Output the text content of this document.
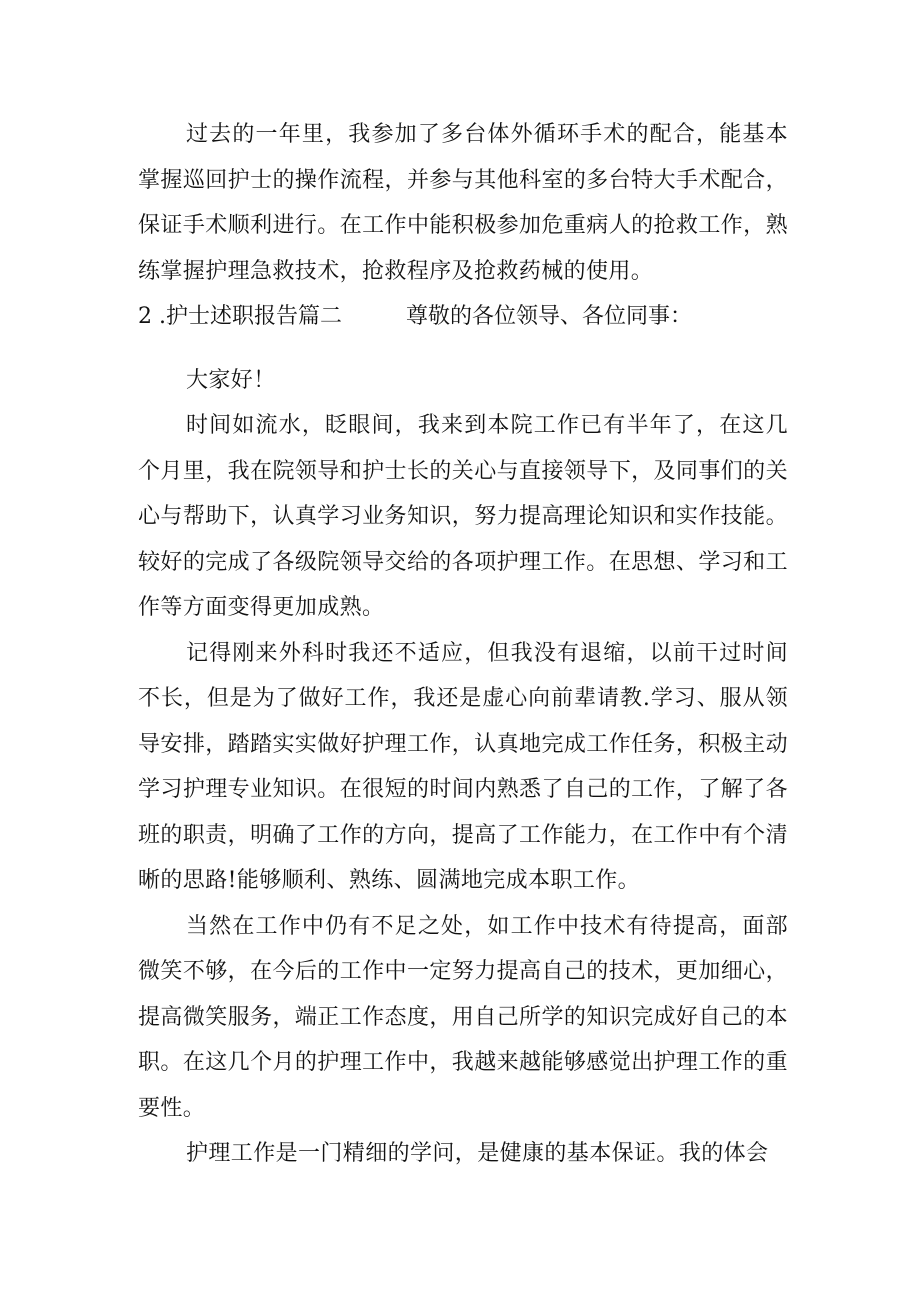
过去的一年里，我参加了多台体外循环手术的配合，能基本掌握巡回护士的操作流程，并参与其他科室的多台特大手术配合，保证手术顺利进行。在工作中能积极参加危重病人的抢救工作，熟练掌握护理急救技术，抢救程序及抢救药械的使用。

2 .护士述职报告篇二	尊敬的各位领导、各位同事：

大家好！

时间如流水，眨眼间，我来到本院工作已有半年了，在这几个月里，我在院领导和护士长的关心与直接领导下，及同事们的关心与帮助下，认真学习业务知识，努力提高理论知识和实作技能。较好的完成了各级院领导交给的各项护理工作。在思想、学习和工作等方面变得更加成熟。

记得刚来外科时我还不适应，但我没有退缩，以前干过时间不长，但是为了做好工作，我还是虚心向前辈请教.学习、服从领导安排，踏踏实实做好护理工作，认真地完成工作任务，积极主动学习护理专业知识。在很短的时间内熟悉了自己的工作，了解了各班的职责，明确了工作的方向，提高了工作能力，在工作中有个清晰的思路!能够顺利、熟练、圆满地完成本职工作。

当然在工作中仍有不足之处，如工作中技术有待提高，面部微笑不够，在今后的工作中一定努力提高自己的技术，更加细心，提高微笑服务，端正工作态度，用自己所学的知识完成好自己的本职。在这几个月的护理工作中，我越来越能够感觉出护理工作的重要性。

护理工作是一门精细的学问，是健康的基本保证。我的体会
